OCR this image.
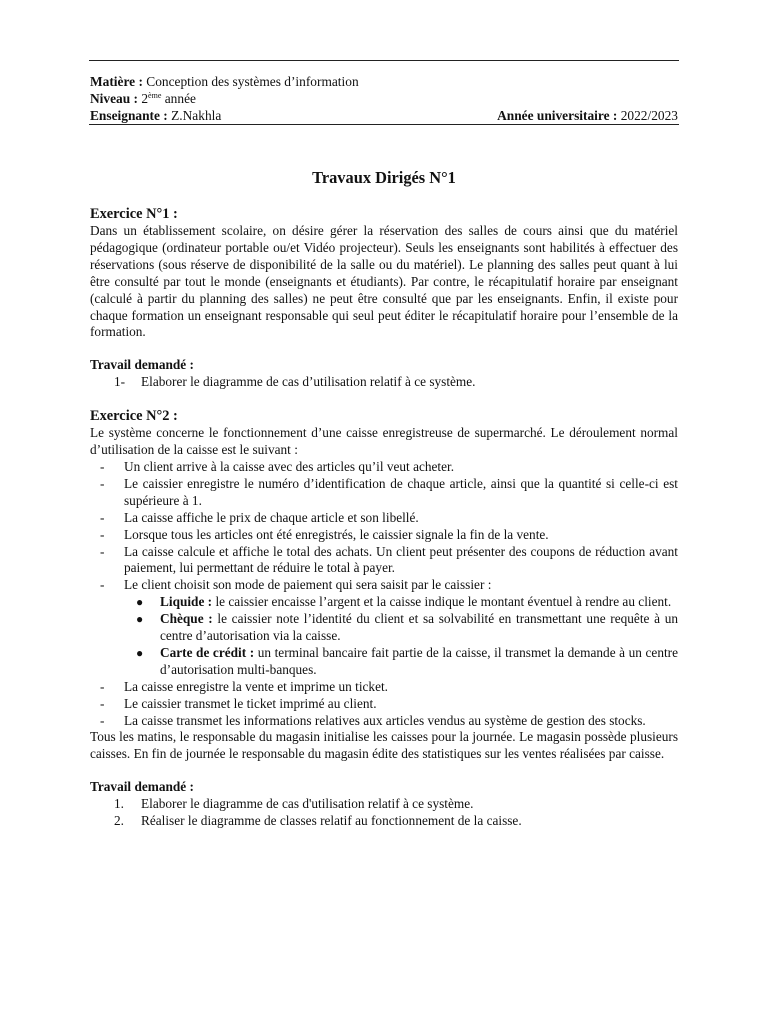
Matière : Conception des systèmes d’information
Niveau : 2ème année
Enseignante : Z.Nakhla	Année universitaire : 2022/2023
Travaux Dirigés N°1
Exercice N°1 :

Dans un établissement scolaire, on désire gérer la réservation des salles de cours ainsi que du matériel pédagogique (ordinateur portable ou/et Vidéo projecteur). Seuls les enseignants sont habilités à effectuer des réservations (sous réserve de disponibilité de la salle ou du matériel). Le planning des salles peut quant à lui être consulté par tout le monde (enseignants et étudiants). Par contre, le récapitulatif horaire par enseignant (calculé à partir du planning des salles) ne peut être consulté que par les enseignants. Enfin, il existe pour chaque formation un enseignant responsable qui seul peut éditer le récapitulatif horaire pour l’ensemble de la formation.

Travail demandé :
1-	Elaborer le diagramme de cas d’utilisation relatif à ce système.
Exercice N°2 :

Le système concerne le fonctionnement d’une caisse enregistreuse de supermarché. Le déroulement normal d’utilisation de la caisse est le suivant :

-	Un client arrive à la caisse avec des articles qu’il veut acheter.
-	Le caissier enregistre le numéro d’identification de chaque article, ainsi que la quantité si celle-ci est supérieure à 1.
-	La caisse affiche le prix de chaque article et son libellé.
-	Lorsque tous les articles ont été enregistrés, le caissier signale la fin de la vente.
-	La caisse calcule et affiche le total des achats. Un client peut présenter des coupons de réduction avant paiement, lui permettant de réduire le total à payer.
-	Le client choisit son mode de paiement qui sera saisit par le caissier :
●	Liquide : le caissier encaisse l’argent et la caisse indique le montant éventuel à rendre au client.
●	Chèque : le caissier note l’identité du client et sa solvabilité en transmettant une requête à un centre d’autorisation via la caisse.
●	Carte de crédit : un terminal bancaire fait partie de la caisse, il transmet la demande à un centre d’autorisation multi-banques.
-	La caisse enregistre la vente et imprime un ticket.
-	Le caissier transmet le ticket imprimé au client.
-	La caisse transmet les informations relatives aux articles vendus au système de gestion des stocks.

Tous les matins, le responsable du magasin initialise les caisses pour la journée. Le magasin possède plusieurs caisses. En fin de journée le responsable du magasin édite des statistiques sur les ventes réalisées par caisse.

Travail demandé :
1.	Elaborer le diagramme de cas d'utilisation relatif à ce système.
2.	Réaliser le diagramme de classes relatif au fonctionnement de la caisse.
